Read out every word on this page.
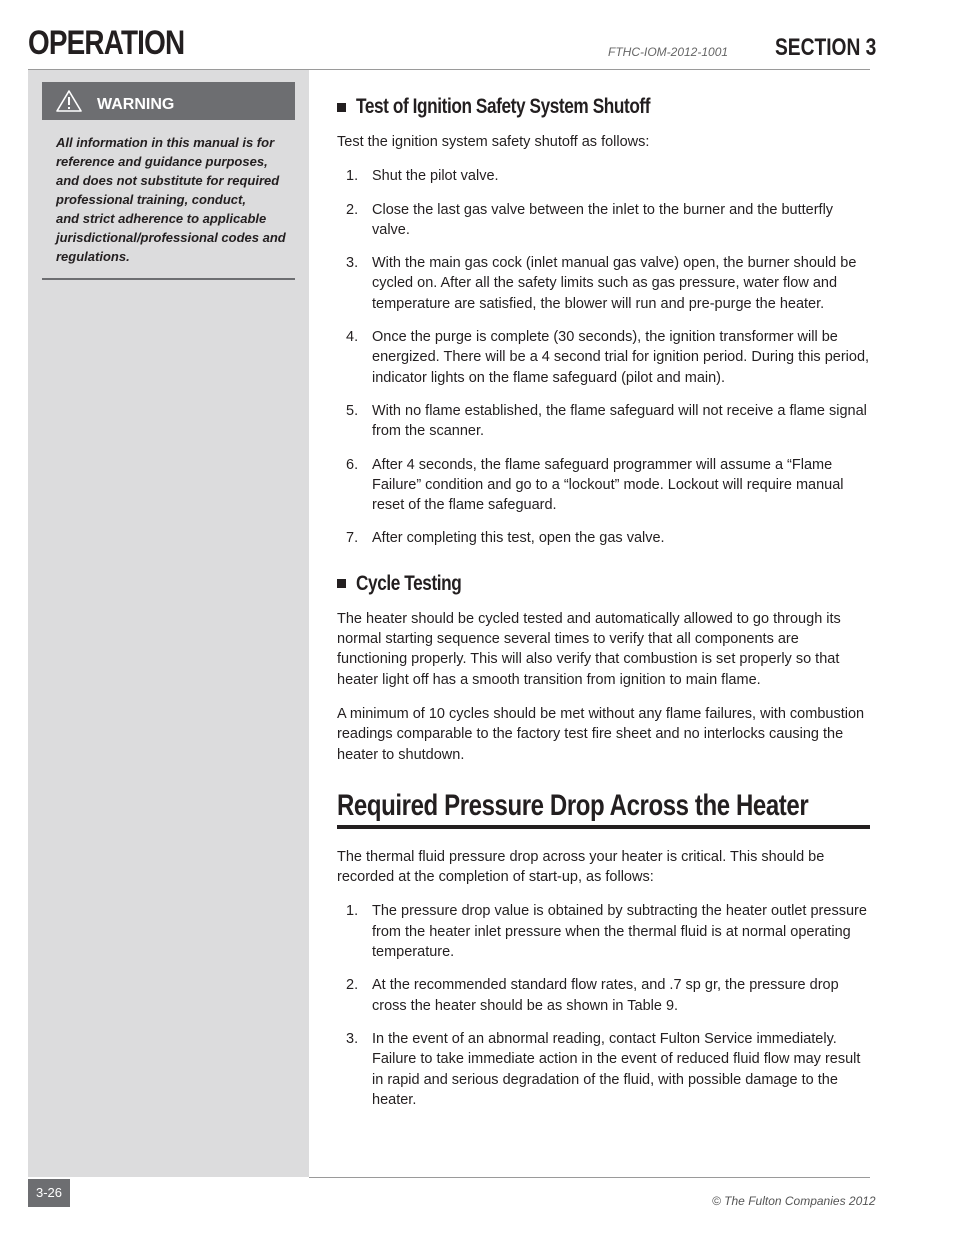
OPERATION	FTHC-IOM-2012-1001 SECTION 3
WARNING
All information in this manual is for
reference and guidance purposes,
and does not substitute for required
professional training, conduct,
and strict adherence to applicable
jurisdictional/professional codes and
regulations.
Test of Ignition Safety System Shutoff

Test the ignition system safety shutoff as follows:

1. Shut the pilot valve.
2. Close the last gas valve between the inlet to the burner and the butterfly valve.
3. With the main gas cock (inlet manual gas valve) open, the burner should be cycled on. After all the safety limits such as gas pressure, water flow and temperature are satisfied, the blower will run and pre-purge the heater.
4. Once the purge is complete (30 seconds), the ignition transformer will be energized. There will be a 4 second trial for ignition period. During this period, indicator lights on the flame safeguard (pilot and main).
5. With no flame established, the flame safeguard will not receive a flame signal from the scanner.
6. After 4 seconds, the flame safeguard programmer will assume a “Flame Failure” condition and go to a “lockout” mode. Lockout will require manual reset of the flame safeguard.
7. After completing this test, open the gas valve.
Cycle Testing

The heater should be cycled tested and automatically allowed to go through its normal starting sequence several times to verify that all components are functioning properly. This will also verify that combustion is set properly so that heater light off has a smooth transition from ignition to main flame.

A minimum of 10 cycles should be met without any flame failures, with combustion readings comparable to the factory test fire sheet and no interlocks causing the heater to shutdown.

Required Pressure Drop Across the Heater

The thermal fluid pressure drop across your heater is critical. This should be recorded at the completion of start-up, as follows:

1. The pressure drop value is obtained by subtracting the heater outlet pressure from the heater inlet pressure when the thermal fluid is at normal operating temperature.
2. At the recommended standard flow rates, and .7 sp gr, the pressure drop cross the heater should be as shown in Table 9.
3. In the event of an abnormal reading, contact Fulton Service immediately. Failure to take immediate action in the event of reduced fluid flow may result in rapid and serious degradation of the fluid, with possible damage to the heater.
3-26
© The Fulton Companies 2012
